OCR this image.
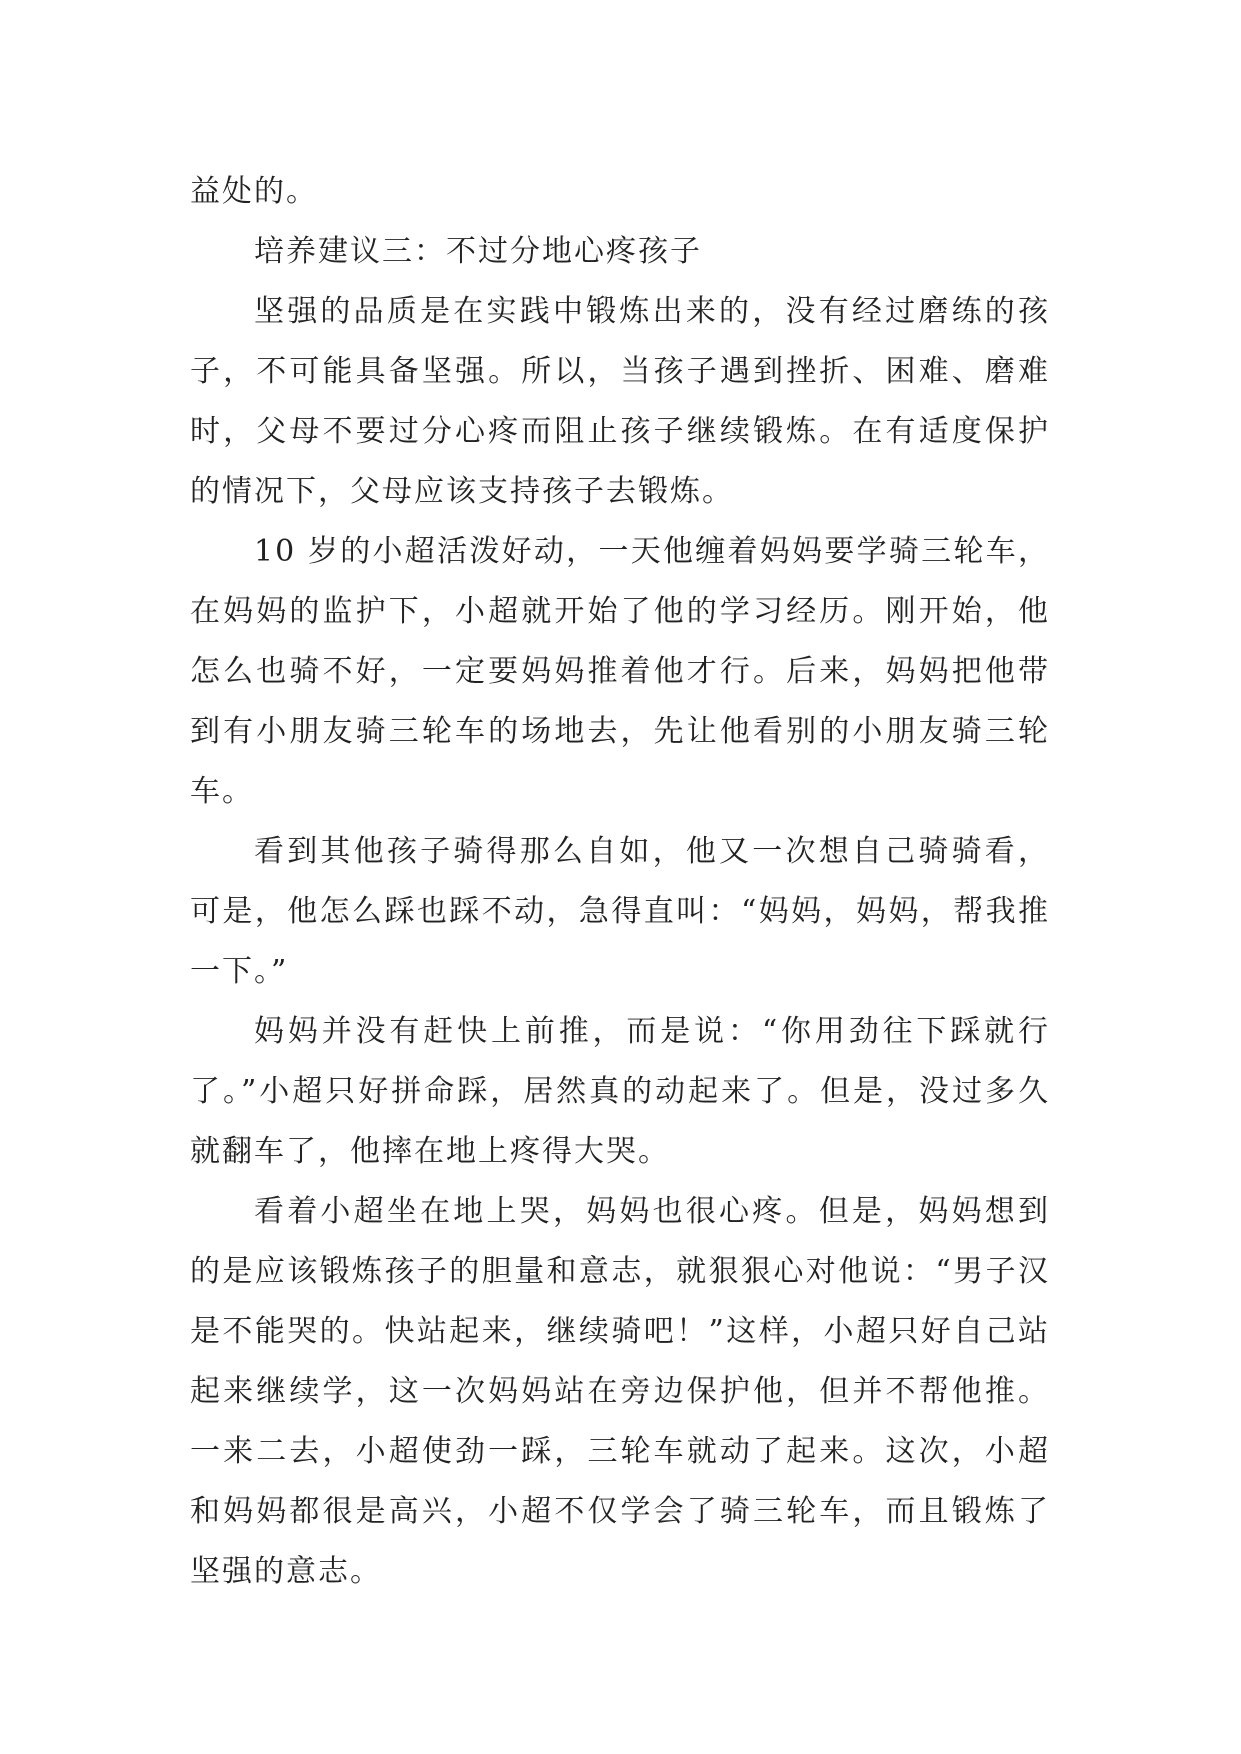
益处的。

培养建议三：不过分地心疼孩子

坚强的品质是在实践中锻炼出来的，没有经过磨练的孩子，不可能具备坚强。所以，当孩子遇到挫折、困难、磨难时，父母不要过分心疼而阻止孩子继续锻炼。在有适度保护的情况下，父母应该支持孩子去锻炼。

10 岁的小超活泼好动，一天他缠着妈妈要学骑三轮车，在妈妈的监护下，小超就开始了他的学习经历。刚开始，他怎么也骑不好，一定要妈妈推着他才行。后来，妈妈把他带到有小朋友骑三轮车的场地去，先让他看别的小朋友骑三轮车。

看到其他孩子骑得那么自如，他又一次想自己骑骑看，可是，他怎么踩也踩不动，急得直叫：“妈妈，妈妈，帮我推一下。”

妈妈并没有赶快上前推，而是说：“你用劲往下踩就行了。”小超只好拼命踩，居然真的动起来了。但是，没过多久就翻车了，他摔在地上疼得大哭。

看着小超坐在地上哭，妈妈也很心疼。但是，妈妈想到的是应该锻炼孩子的胆量和意志，就狠狠心对他说：“男子汉是不能哭的。快站起来，继续骑吧！”这样，小超只好自己站起来继续学，这一次妈妈站在旁边保护他，但并不帮他推。一来二去，小超使劲一踩，三轮车就动了起来。这次，小超和妈妈都很是高兴，小超不仅学会了骑三轮车，而且锻炼了坚强的意志。
